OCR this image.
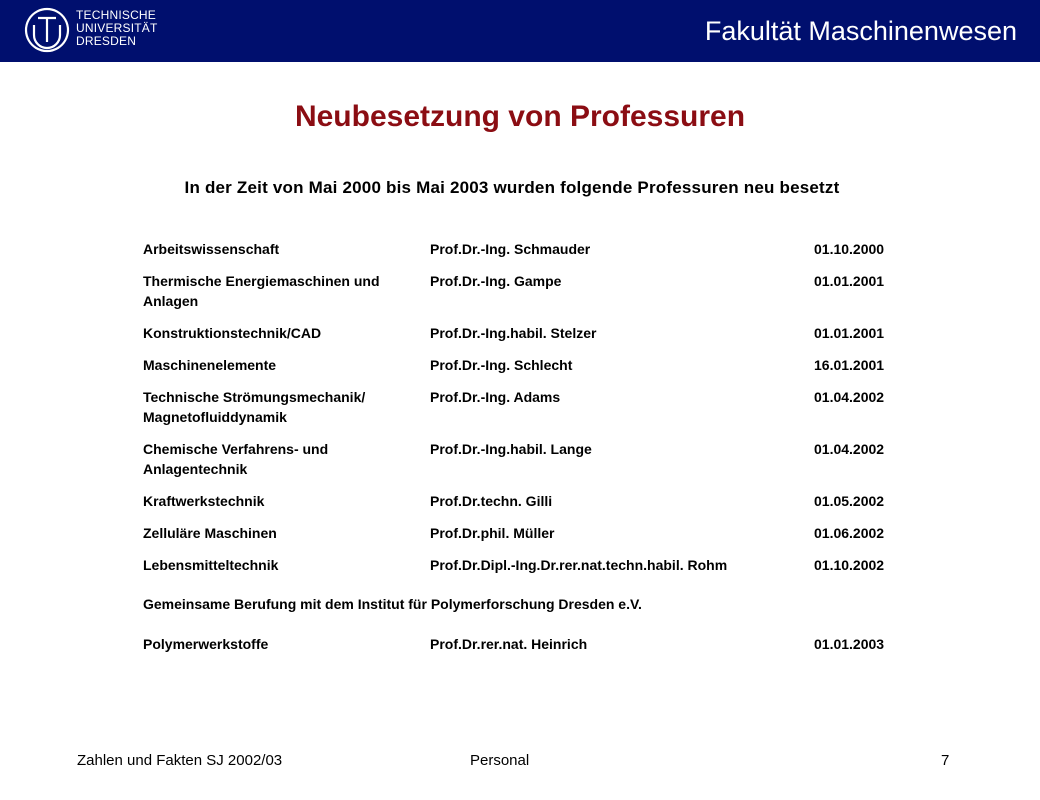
TECHNISCHE
UNIVERSITÄT
DRESDEN	Fakultät Maschinenwesen
Neubesetzung von Professuren
In der Zeit von Mai 2000 bis Mai 2003 wurden folgende Professuren neu besetzt
Arbeitswissenschaft	Prof.Dr.-Ing. Schmauder	01.10.2000
Thermische Energiemaschinen und Anlagen	Prof.Dr.-Ing. Gampe	01.01.2001
Konstruktionstechnik/CAD	Prof.Dr.-Ing.habil. Stelzer	01.01.2001
Maschinenelemente	Prof.Dr.-Ing. Schlecht	16.01.2001
Technische Strömungsmechanik/ Magnetofluiddynamik	Prof.Dr.-Ing. Adams	01.04.2002
Chemische Verfahrens- und Anlagentechnik	Prof.Dr.-Ing.habil. Lange	01.04.2002
Kraftwerkstechnik	Prof.Dr.techn. Gilli	01.05.2002
Zelluläre Maschinen	Prof.Dr.phil. Müller	01.06.2002
Lebensmitteltechnik	Prof.Dr.Dipl.-Ing.Dr.rer.nat.techn.habil. Rohm	01.10.2002
Gemeinsame Berufung mit dem Institut für Polymerforschung Dresden e.V.		
Polymerwerkstoffe	Prof.Dr.rer.nat. Heinrich	01.01.2003
Zahlen und Fakten SJ 2002/03	Personal	7
